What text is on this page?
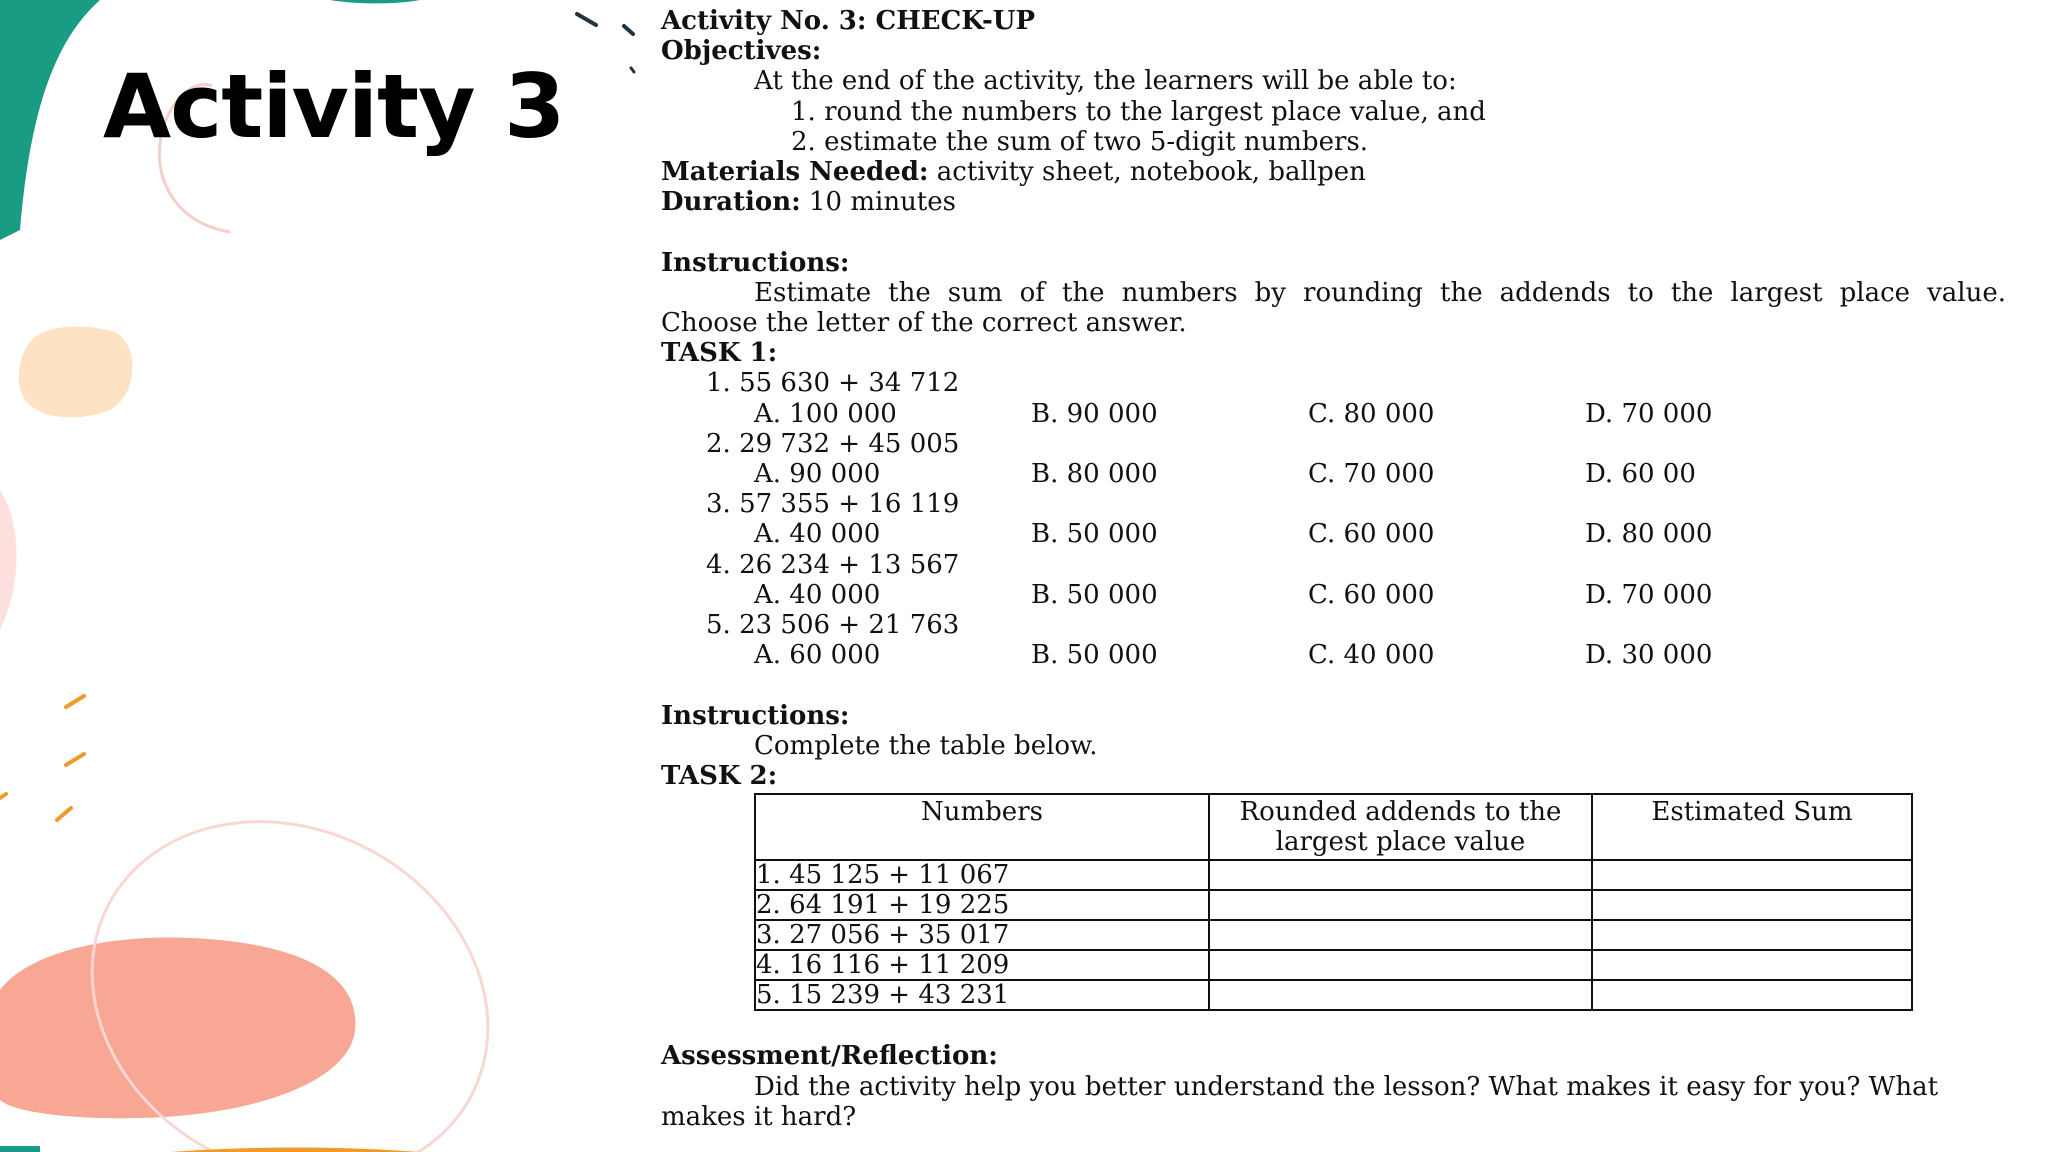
Activity 3
Activity No. 3: CHECK-UP
Objectives:
At the end of the activity, the learners will be able to:
1. round the numbers to the largest place value, and
2. estimate the sum of two 5-digit numbers.
Materials Needed: activity sheet, notebook, ballpen
Duration: 10 minutes
Instructions:
Estimate the sum of the numbers by rounding the addends to the largest place value.
Choose the letter of the correct answer.
TASK 1:
1. 55 630 + 34 712
A. 100 000	B. 90 000	C. 80 000	D. 70 000
2. 29 732 + 45 005
A. 90 000	B. 80 000	C. 70 000	D. 60 00
3. 57 355 + 16 119
A. 40 000	B. 50 000	C. 60 000	D. 80 000
4. 26 234 + 13 567
A. 40 000	B. 50 000	C. 60 000	D. 70 000
5. 23 506 + 21 763
A. 60 000	B. 50 000	C. 40 000	D. 30 000
Instructions:
Complete the table below.
TASK 2:
Numbers	Rounded addends to the largest place value	Estimated Sum
1. 45 125 + 11 067		
2. 64 191 + 19 225		
3. 27 056 + 35 017		
4. 16 116 + 11 209		
5. 15 239 + 43 231		
Assessment/Reflection:
Did the activity help you better understand the lesson? What makes it easy for you? What makes it hard?
